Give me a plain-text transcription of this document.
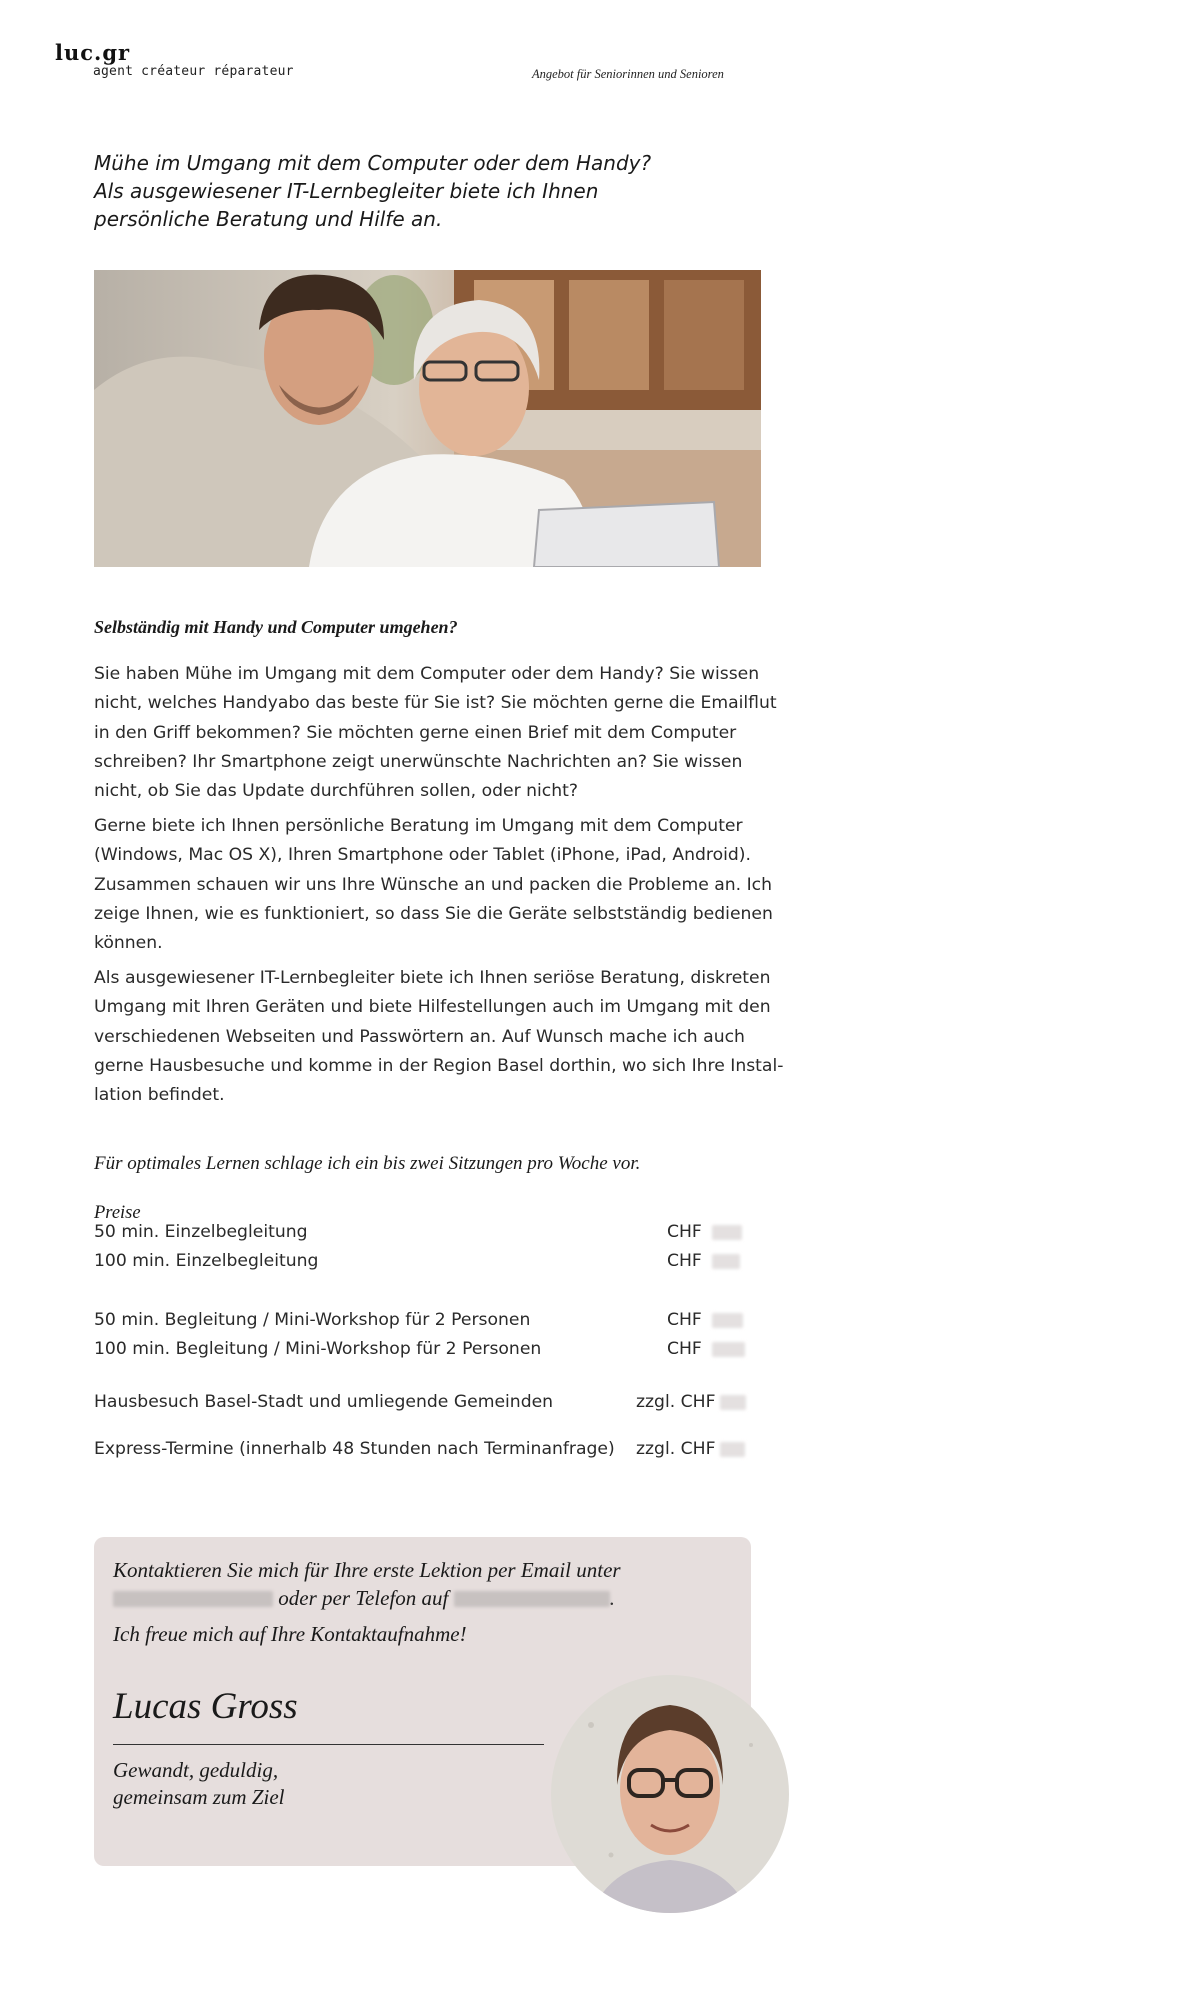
luc.gr
agent créateur réparateur	Angebot für Seniorinnen und Senioren
Mühe im Umgang mit dem Computer oder dem Handy?
Als ausgewiesener IT-Lernbegleiter biete ich Ihnen
persönliche Beratung und Hilfe an.
Selbständig mit Handy und Computer umgehen?
Sie haben Mühe im Umgang mit dem Computer oder dem Handy? Sie wissen
nicht, welches Handyabo das beste für Sie ist? Sie möchten gerne die Emailflut
in den Griff bekommen? Sie möchten gerne einen Brief mit dem Computer
schreiben? Ihr Smartphone zeigt unerwünschte Nachrichten an? Sie wissen
nicht, ob Sie das Update durchführen sollen, oder nicht?
Gerne biete ich Ihnen persönliche Beratung im Umgang mit dem Computer
(Windows, Mac OS X), Ihren Smartphone oder Tablet (iPhone, iPad, Android).
Zusammen schauen wir uns Ihre Wünsche an und packen die Probleme an. Ich
zeige Ihnen, wie es funktioniert, so dass Sie die Geräte selbstständig bedienen
können.
Als ausgewiesener IT-Lernbegleiter biete ich Ihnen seriöse Beratung, diskreten
Umgang mit Ihren Geräten und biete Hilfestellungen auch im Umgang mit den
verschiedenen Webseiten und Passwörtern an. Auf Wunsch mache ich auch
gerne Hausbesuche und komme in der Region Basel dorthin, wo sich Ihre Instal-
lation befindet.
Für optimales Lernen schlage ich ein bis zwei Sitzungen pro Woche vor.
Preise
50 min. Einzelbegleitung	CHF
100 min. Einzelbegleitung	CHF
50 min. Begleitung / Mini-Workshop für 2 Personen	CHF
100 min. Begleitung / Mini-Workshop für 2 Personen	CHF
Hausbesuch Basel-Stadt und umliegende Gemeinden	zzgl. CHF
Express-Termine (innerhalb 48 Stunden nach Terminanfrage) zzgl. CHF
Kontaktieren Sie mich für Ihre erste Lektion per Email unter
oder per Telefon auf	.
Ich freue mich auf Ihre Kontaktaufnahme!
Lucas Gross
Gewandt, geduldig,
gemeinsam zum Ziel
